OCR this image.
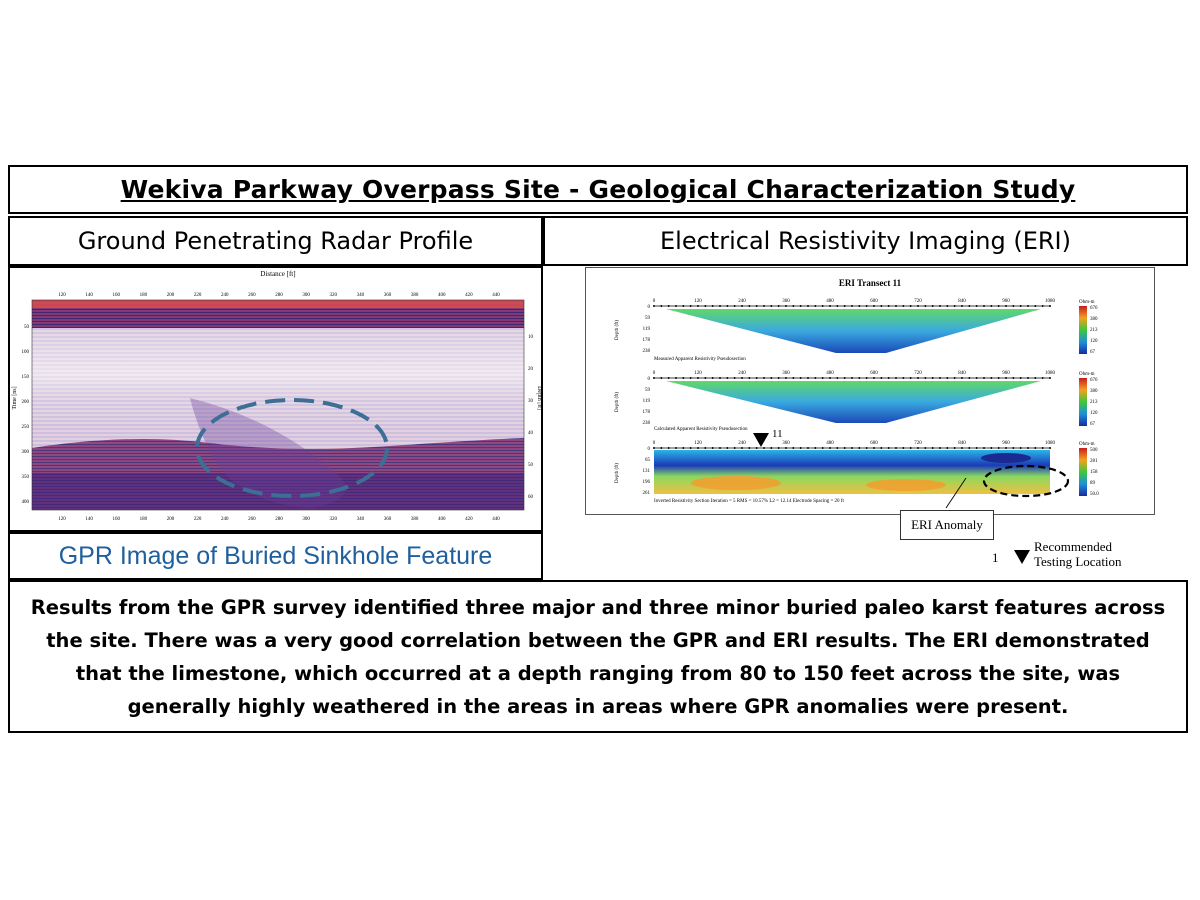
Wekiva Parkway Overpass Site - Geological Characterization Study
Ground Penetrating Radar Profile	Electrical Resistivity Imaging (ERI)
Distance [ft]
120	140	160	180	200	220	240	260	280	300	320	340	360	380	400	420	440
120	140	160	180	200	220	240	260	280	300	320	340	360	380	400	420	440
50
100
150
200
250
300
350
400
10
20
30
40
50
60
Time [ns]	Depth [ft]
GPR Image of Buried Sinkhole Feature
ERI Transect 11
0	120	240	360	480	600	720	840	960	1080
0
59
119
178
238
Depth (ft)
Measured Apparent Resistivity Pseudosection
Ohm-m
676
380
213
120
67
0	120	240	360	480	600	720	840	960	1080
0
59
119
178
238
Depth (ft)
Calculated Apparent Resistivity Pseudosection
Ohm-m
676
380
213
120
67
0	120	240	360	480	600	720	840	960	1080
0
65
131
196
261
Depth (ft)
Inverted Resistivity Section Iteration = 5 RMS = 10.57% L2 = 12.14 Electrode Spacing = 20 ft
Ohm-m
500
281
158
89
50.0
11
ERI Anomaly
1
Recommended
Testing Location

Results from the GPR survey identified three major and three minor buried paleo karst features across the site. There was a very good correlation between the GPR and ERI results. The ERI demonstrated that the limestone, which occurred at a depth ranging from 80 to 150 feet across the site, was generally highly weathered in the areas in areas where GPR anomalies were present.
